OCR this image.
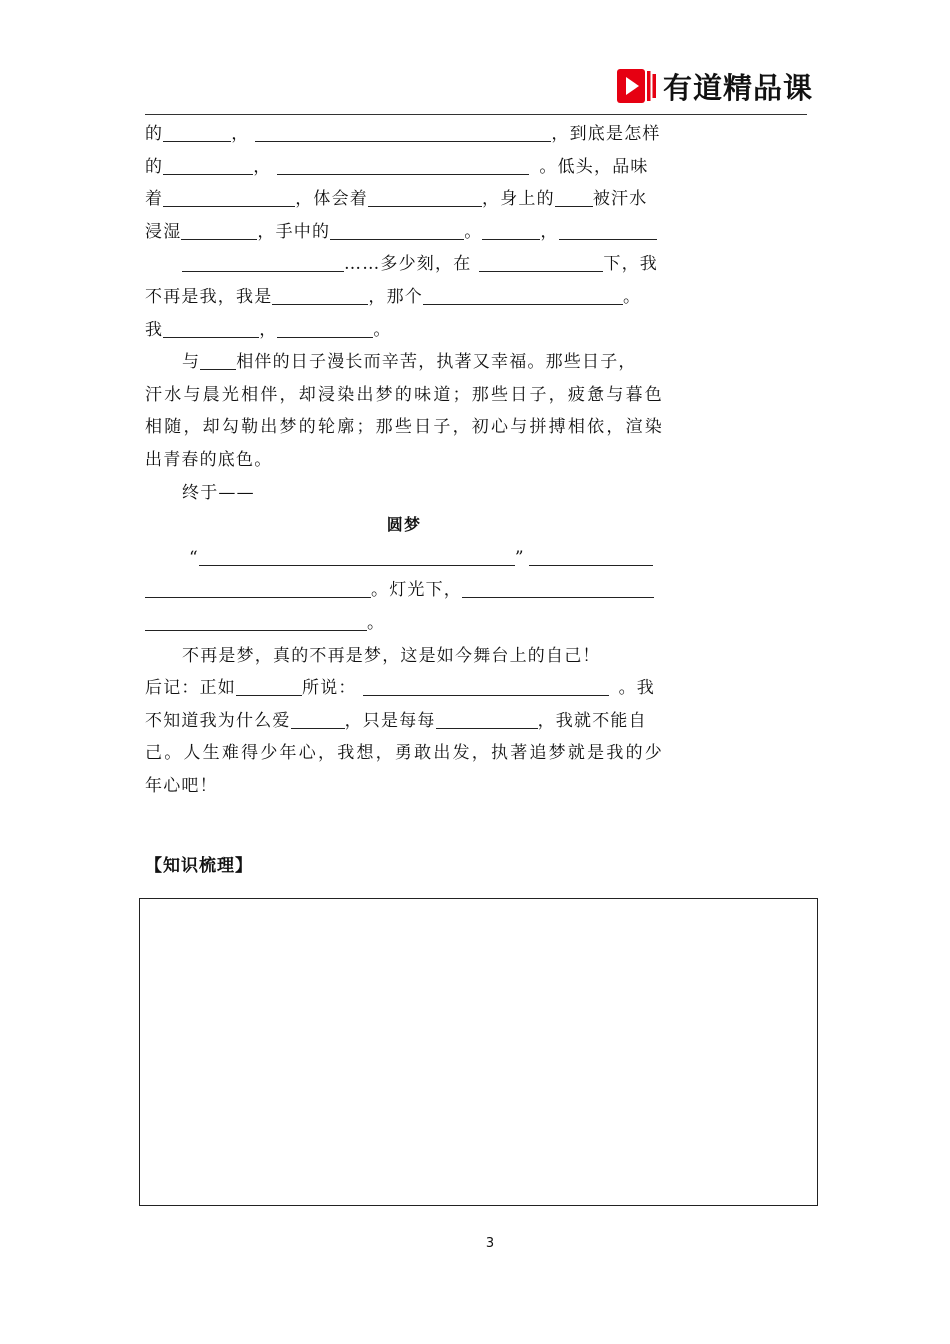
有道精品课
的	，	，到底是怎样
的	，	。低头，品味
着	，体会着	，身上的 被汗水
浸湿	，手中的	。	，
……多少刻，在	下，我
不再是我，我是	，那个	。
我	，	。
与 相伴的日子漫长而辛苦，执著又幸福。那些日子，
汗水与晨光相伴，却浸染出梦的味道；那些日子，疲惫与暮色
相随，却勾勒出梦的轮廓；那些日子，初心与拼搏相依，渲染
出青春的底色。
终于——
圆梦
“	”
。灯光下，
。
不再是梦，真的不再是梦，这是如今舞台上的自己！
后记：正如	所说：	。我
不知道我为什么爱	，只是每每	，我就不能自
己。人生难得少年心，我想，勇敢出发，执著追梦就是我的少
年心吧！
【知识梳理】
3
